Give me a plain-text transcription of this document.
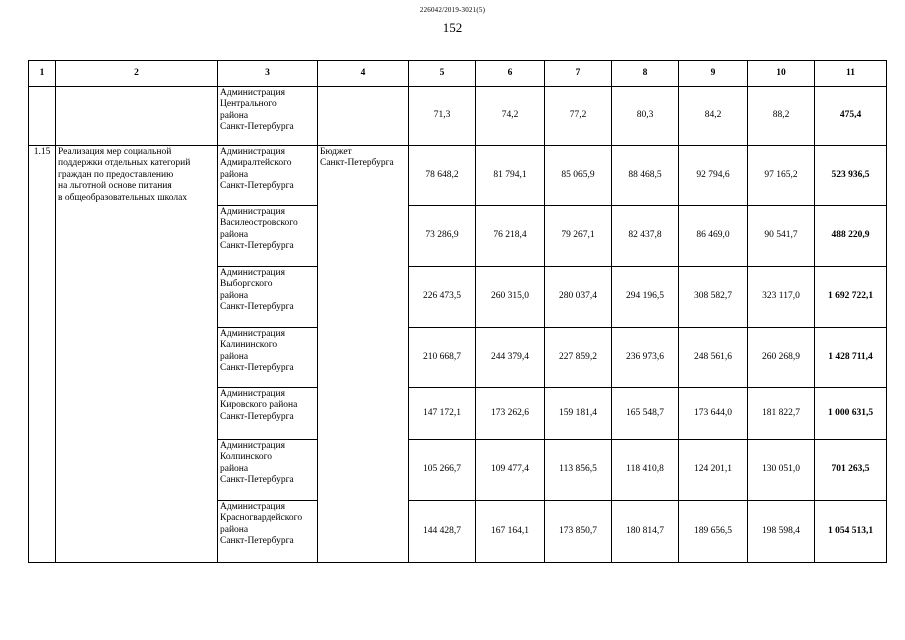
226042/2019-3021(5)
152
1	2	3	4	5	6	7	8	9	10	11
		Администрация
Центрального
района
Санкт-Петербурга		71,3	74,2	77,2	80,3	84,2	88,2	475,4
1.15	Реализация мер социальной
поддержки отдельных категорий
граждан по предоставлению
на льготной основе питания
в общеобразовательных школах	Администрация
Адмиралтейского
района
Санкт-Петербурга	Бюджет
Санкт-Петербурга	78 648,2	81 794,1	85 065,9	88 468,5	92 794,6	97 165,2	523 936,5
		Администрация
Василеостровского
района
Санкт-Петербурга		73 286,9	76 218,4	79 267,1	82 437,8	86 469,0	90 541,7	488 220,9
		Администрация
Выборгского
района
Санкт-Петербурга		226 473,5	260 315,0	280 037,4	294 196,5	308 582,7	323 117,0	1 692 722,1
		Администрация
Калининского
района
Санкт-Петербурга		210 668,7	244 379,4	227 859,2	236 973,6	248 561,6	260 268,9	1 428 711,4
		Администрация
Кировского района
Санкт-Петербурга		147 172,1	173 262,6	159 181,4	165 548,7	173 644,0	181 822,7	1 000 631,5
		Администрация
Колпинского
района
Санкт-Петербурга		105 266,7	109 477,4	113 856,5	118 410,8	124 201,1	130 051,0	701 263,5
		Администрация
Красногвардейского
района
Санкт-Петербурга		144 428,7	167 164,1	173 850,7	180 814,7	189 656,5	198 598,4	1 054 513,1
